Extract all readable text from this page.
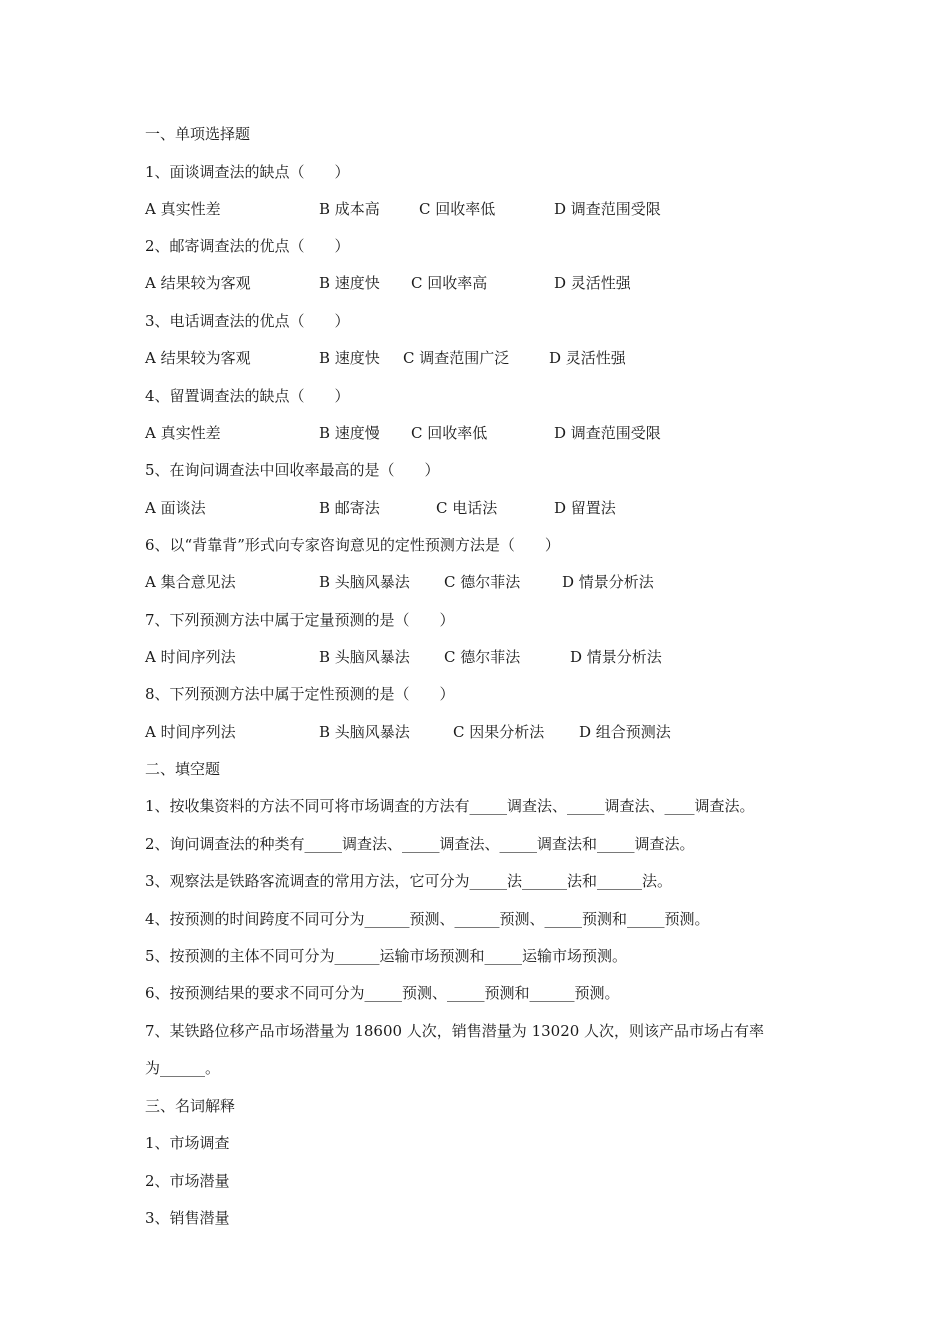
一、单项选择题
1、面谈调查法的缺点（　　）

A 真实性差

	B 成本高

	C 回收率低

	D 调查范围受限

2、邮寄调查法的优点（　　）

A 结果较为客观

	B 速度快

C 回收率高

	D 灵活性强

3、电话调查法的优点（　　）

A 结果较为客观

	B 速度快

C 调查范围广泛

	D 灵活性强

4、留置调查法的缺点（　　）

A 真实性差

	B 速度慢

C 回收率低

	D 调查范围受限

5、在询问调查法中回收率最高的是（　　）

A 面谈法

	B 邮寄法

	C 电话法

	D 留置法

6、以“背靠背”形式向专家咨询意见的定性预测方法是（　　）

A 集合意见法

	B 头脑风暴法

C 德尔菲法

	D 情景分析法

7、下列预测方法中属于定量预测的是（　　）

A 时间序列法

	B 头脑风暴法

C 德尔菲法

	D 情景分析法

8、下列预测方法中属于定性预测的是（　　）

A 时间序列法

	B 头脑风暴法

	C 因果分析法

D 组合预测法

二、填空题
1、按收集资料的方法不同可将市场调查的方法有_____调查法、_____调查法、____调查法。
2、询问调查法的种类有_____调查法、_____调查法、_____调查法和_____调查法。
3、观察法是铁路客流调查的常用方法，它可分为_____法______法和______法。
4、按预测的时间跨度不同可分为______预测、______预测、_____预测和_____预测。
5、按预测的主体不同可分为______运输市场预测和_____运输市场预测。
6、按预测结果的要求不同可分为_____预测、_____预测和______预测。
7、某铁路位移产品市场潜量为 18600 人次，销售潜量为 13020 人次，则该产品市场占有率
为______。
三、名词解释
1、市场调查
2、市场潜量
3、销售潜量
